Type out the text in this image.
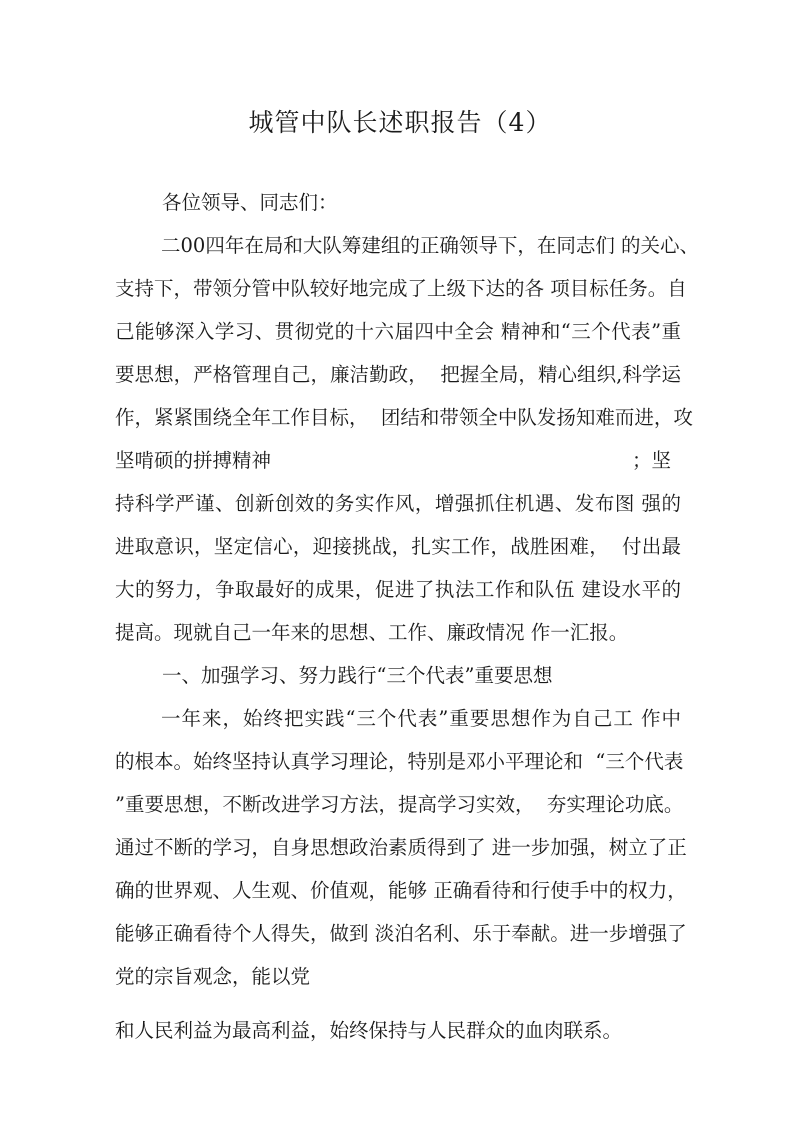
城管中队长述职报告（4）
各位领导、同志们：
二00四年在局和大队筹建组的正确领导下，在同志们 的关心、
支持下，带领分管中队较好地完成了上级下达的各 项目标任务。自
己能够深入学习、贯彻党的十六届四中全会 精神和“三个代表”重
要思想，严格管理自己，廉洁勤政，  把握全局，精心组织,科学运
作，紧紧围绕全年工作目标，  团结和带领全中队发扬知难而进，攻
坚啃硕的拼搏精神	；坚
持科学严谨、创新创效的务实作风，增强抓住机遇、发布图 强的
进取意识，坚定信心，迎接挑战，扎实工作，战胜困难，  付出最
大的努力，争取最好的成果，促进了执法工作和队伍 建设水平的
提高。现就自己一年来的思想、工作、廉政情况 作一汇报。
一、加强学习、努力践行“三个代表”重要思想
一年来，始终把实践“三个代表”重要思想作为自己工 作中
的根本。始终坚持认真学习理论，特别是邓小平理论和  “三个代表
”重要思想，不断改进学习方法，提高学习实效，  夯实理论功底。
通过不断的学习，自身思想政治素质得到了 进一步加强，树立了正
确的世界观、人生观、价值观，能够 正确看待和行使手中的权力，
能够正确看待个人得失，做到 淡泊名利、乐于奉献。进一步增强了
党的宗旨观念，能以党
和人民利益为最高利益，始终保持与人民群众的血肉联系。
